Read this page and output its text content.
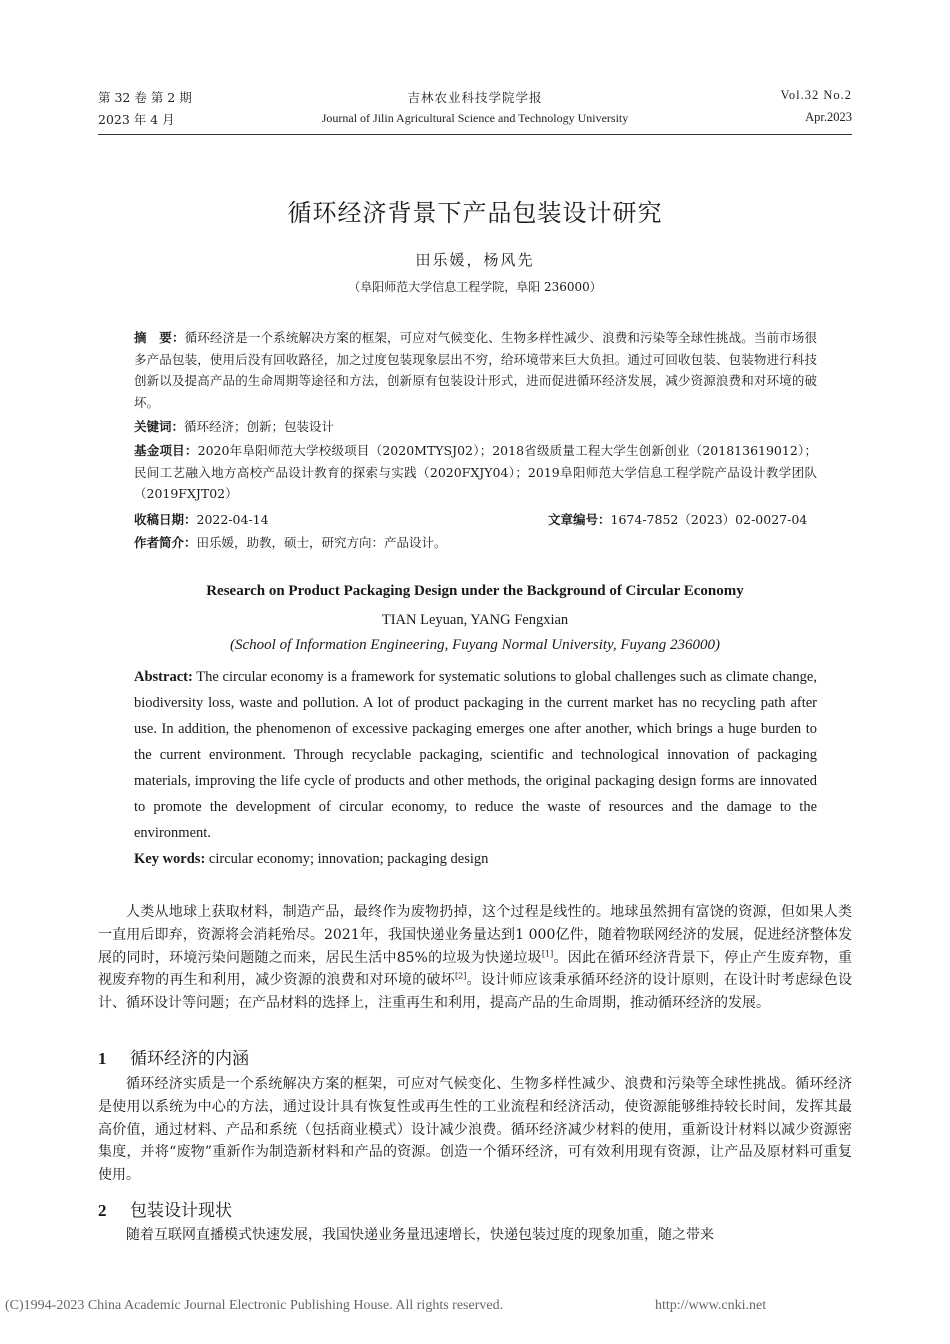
第 32 卷 第 2 期
2023 年 4 月
吉林农业科技学院学报
Journal of Jilin Agricultural Science and Technology University
Vol.32 No.2
Apr.2023
循环经济背景下产品包装设计研究
田乐媛，杨风先
（阜阳师范大学信息工程学院，阜阳 236000）
摘　要：循环经济是一个系统解决方案的框架，可应对气候变化、生物多样性减少、浪费和污染等全球性挑战。当前市场很多产品包装，使用后没有回收路径，加之过度包装现象层出不穷，给环境带来巨大负担。通过可回收包装、包装物进行科技创新以及提高产品的生命周期等途径和方法，创新原有包装设计形式，进而促进循环经济发展，减少资源浪费和对环境的破坏。
关键词：循环经济；创新；包装设计
基金项目：2020年阜阳师范大学校级项目（2020MTYSJ02）；2018省级质量工程大学生创新创业（201813619012）；民间工艺融入地方高校产品设计教育的探索与实践（2020FXJY04）；2019阜阳师范大学信息工程学院产品设计教学团队（2019FXJT02）
收稿日期：2022-04-14	文章编号：1674-7852（2023）02-0027-04
作者简介：田乐媛，助教，硕士，研究方向：产品设计。
Research on Product Packaging Design under the Background of Circular Economy
TIAN Leyuan, YANG Fengxian
(School of Information Engineering, Fuyang Normal University, Fuyang 236000)
Abstract: The circular economy is a framework for systematic solutions to global challenges such as climate change, biodiversity loss, waste and pollution. A lot of product packaging in the current market has no recycling path after use. In addition, the phenomenon of excessive packaging emerges one after another, which brings a huge burden to the current environment. Through recyclable packaging, scientific and technological innovation of packaging materials, improving the life cycle of products and other methods, the original packaging design forms are innovated to promote the development of circular economy, to reduce the waste of resources and the damage to the environment.
Key words: circular economy; innovation; packaging design
人类从地球上获取材料，制造产品，最终作为废物扔掉，这个过程是线性的。地球虽然拥有富饶的资源，但如果人类一直用后即弃，资源将会消耗殆尽。2021年，我国快递业务量达到1 000亿件，随着物联网经济的发展，促进经济整体发展的同时，环境污染问题随之而来，居民生活中85%的垃圾为快递垃圾[1]。因此在循环经济背景下，停止产生废弃物，重视废弃物的再生和利用，减少资源的浪费和对环境的破坏[2]。设计师应该秉承循环经济的设计原则，在设计时考虑绿色设计、循环设计等问题；在产品材料的选择上，注重再生和利用，提高产品的生命周期，推动循环经济的发展。
1 循环经济的内涵
循环经济实质是一个系统解决方案的框架，可应对气候变化、生物多样性减少、浪费和污染等全球性挑战。循环经济是使用以系统为中心的方法，通过设计具有恢复性或再生性的工业流程和经济活动，使资源能够维持较长时间，发挥其最高价值，通过材料、产品和系统（包括商业模式）设计减少浪费。循环经济减少材料的使用，重新设计材料以减少资源密集度，并将“废物”重新作为制造新材料和产品的资源。创造一个循环经济，可有效利用现有资源，让产品及原材料可重复使用。
2 包装设计现状
随着互联网直播模式快速发展，我国快递业务量迅速增长，快递包装过度的现象加重，随之带来
(C)1994-2023 China Academic Journal Electronic Publishing House. All rights reserved.	http://www.cnki.net
